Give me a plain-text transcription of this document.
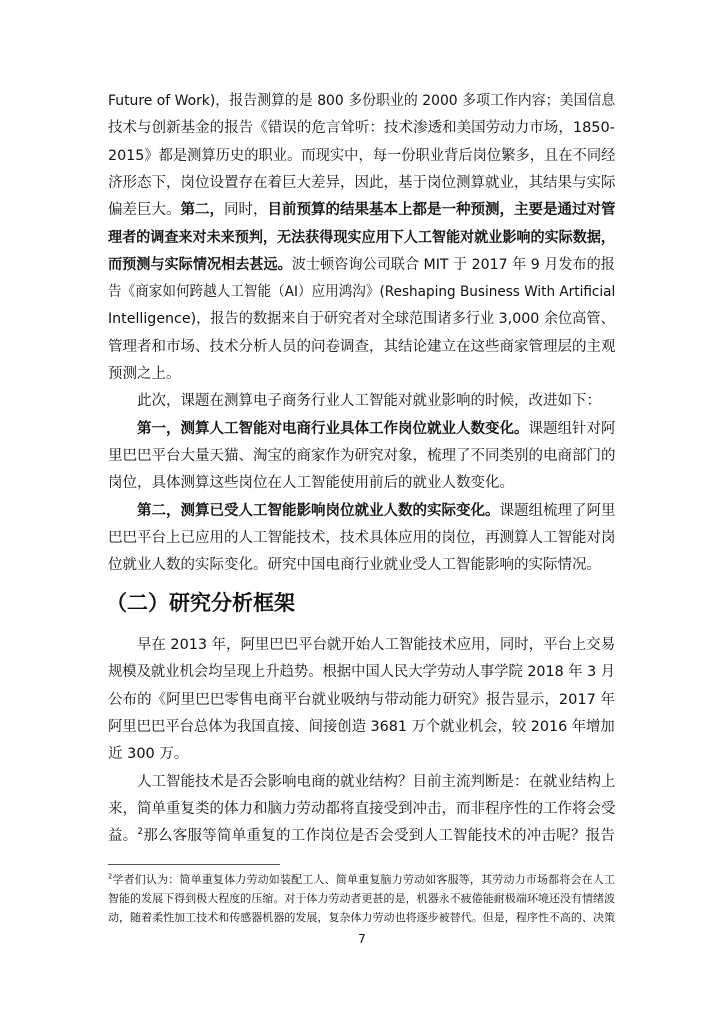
Future of Work)，报告测算的是 800 多份职业的 2000 多项工作内容；美国信息
技术与创新基金的报告《错误的危言耸听：技术渗透和美国劳动力市场，1850-
2015》都是测算历史的职业。而现实中，每一份职业背后岗位繁多，且在不同经
济形态下，岗位设置存在着巨大差异，因此，基于岗位测算就业，其结果与实际
偏差巨大。第二，同时，目前预算的结果基本上都是一种预测，主要是通过对管
理者的调查来对未来预判，无法获得现实应用下人工智能对就业影响的实际数据，
而预测与实际情况相去甚远。波士顿咨询公司联合 MIT 于 2017 年 9 月发布的报
告《商家如何跨越人工智能（AI）应用鸿沟》(Reshaping Business With Artificial
Intelligence)，报告的数据来自于研究者对全球范围诸多行业 3,000 余位高管、
管理者和市场、技术分析人员的问卷调查，其结论建立在这些商家管理层的主观
预测之上。
此次，课题在测算电子商务行业人工智能对就业影响的时候，改进如下：
第一，测算人工智能对电商行业具体工作岗位就业人数变化。课题组针对阿
里巴巴平台大量天猫、淘宝的商家作为研究对象，梳理了不同类别的电商部门的
岗位，具体测算这些岗位在人工智能使用前后的就业人数变化。
第二，测算已受人工智能影响岗位就业人数的实际变化。课题组梳理了阿里
巴巴平台上已应用的人工智能技术，技术具体应用的岗位，再测算人工智能对岗
位就业人数的实际变化。研究中国电商行业就业受人工智能影响的实际情况。
（二）研究分析框架
早在 2013 年，阿里巴巴平台就开始人工智能技术应用，同时，平台上交易
规模及就业机会均呈现上升趋势。根据中国人民大学劳动人事学院 2018 年 3 月
公布的《阿里巴巴零售电商平台就业吸纳与带动能力研究》报告显示，2017 年
阿里巴巴平台总体为我国直接、间接创造 3681 万个就业机会，较 2016 年增加
近 300 万。
人工智能技术是否会影响电商的就业结构？目前主流判断是：在就业结构上
来，简单重复类的体力和脑力劳动都将直接受到冲击，而非程序性的工作将会受
益。$^2$那么客服等简单重复的工作岗位是否会受到人工智能技术的冲击呢？报告
$^2$学者们认为：简单重复体力劳动如装配工人、简单重复脑力劳动如客服等，其劳动力市场都将会在人工
智能的发展下得到极大程度的压缩。对于体力劳动者更甚的是，机器永不疲倦能耐极端环境还没有情绪波
动，随着柔性加工技术和传感器机器的发展，复杂体力劳动也将逐步被替代。但是，程序性不高的、决策
7
